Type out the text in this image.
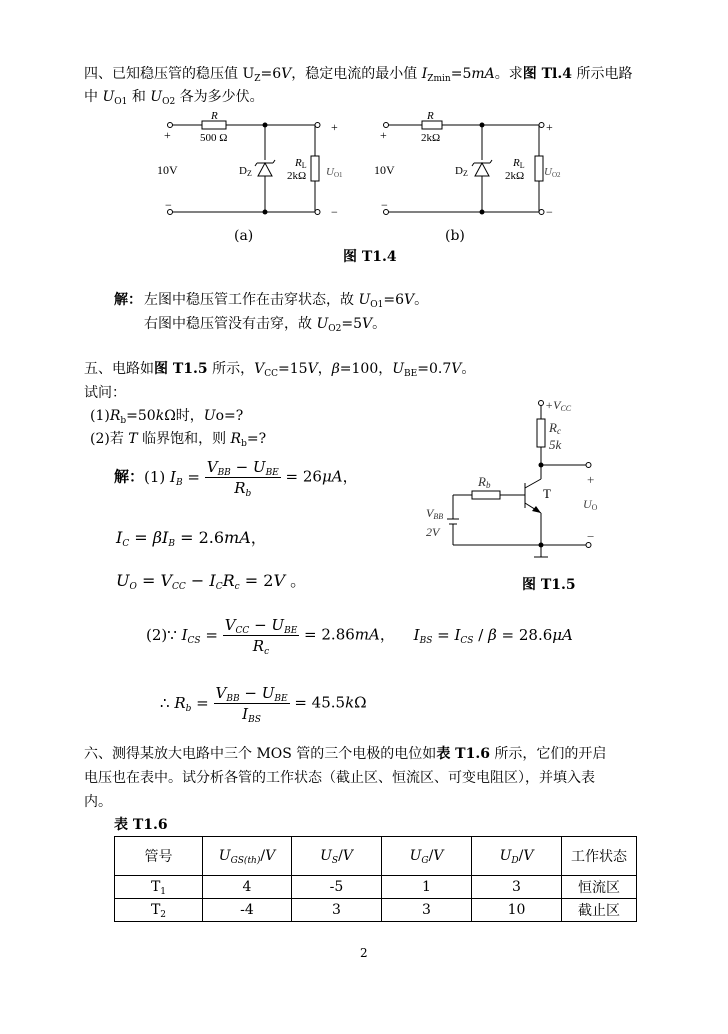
四、已知稳压管的稳压值 $U_Z=6V$，稳定电流的最小值 $I_{Zmin}=5mA$。求图 Tl.4 所示电路
中 $U_{O1}$ 和 $U_{O2}$ 各为多少伏。
R
500 Ω
+
+
10V	DZ
RL
2kΩ UO1
−	−
R
2kΩ
+
+
10V	DZ
RL
2kΩ UO2
−	−
(a)	(b)
图 T1.4
解： 左图中稳压管工作在击穿状态，故 $U_{O1}=6V$。
右图中稳压管没有击穿，故 $U_{O2}=5V$。
五、电路如图 T1.5 所示，$V_{CC}=15V$，β=100，$U_{BE}=0.7V$。
试问：
$(1)R_b=50k\Omega$时，Uo=?
(2)若 T 临界饱和，则 $R_b=$?
解：(1) $I_B = \frac{V_{BB} - U_{BE}}{R_b} = 26\mu A$，
$I_C = \beta I_B = 2.6mA$，
$U_O = V_{CC} - I_CR_c = 2V$ 。
(2)∵ $I_{CS} = \frac{V_{CC} - U_{BE}}{R_c} = 2.86mA$， $I_{BS} = I_{CS} / \beta = 28.6\mu A$
∴ $R_b = \frac{V_{BB} - U_{BE}}{I_{BS}} = 45.5k\Omega$
+VCC
Rc
5k
Rb
T
VBB
2V
+
UO
−
图 T1.5
六、测得某放大电路中三个 MOS 管的三个电极的电位如表 T1.6 所示，它们的开启
电压也在表中。试分析各管的工作状态（截止区、恒流区、可变电阻区），并填入表
内。
表 T1.6
管号	$U_{GS(th)}/V$	$U_S/V$	$U_G/V$	$U_D/V$	工作状态
$T_1$	4	-5	1	3	恒流区
$T_2$	-4	3	3	10	截止区
2
